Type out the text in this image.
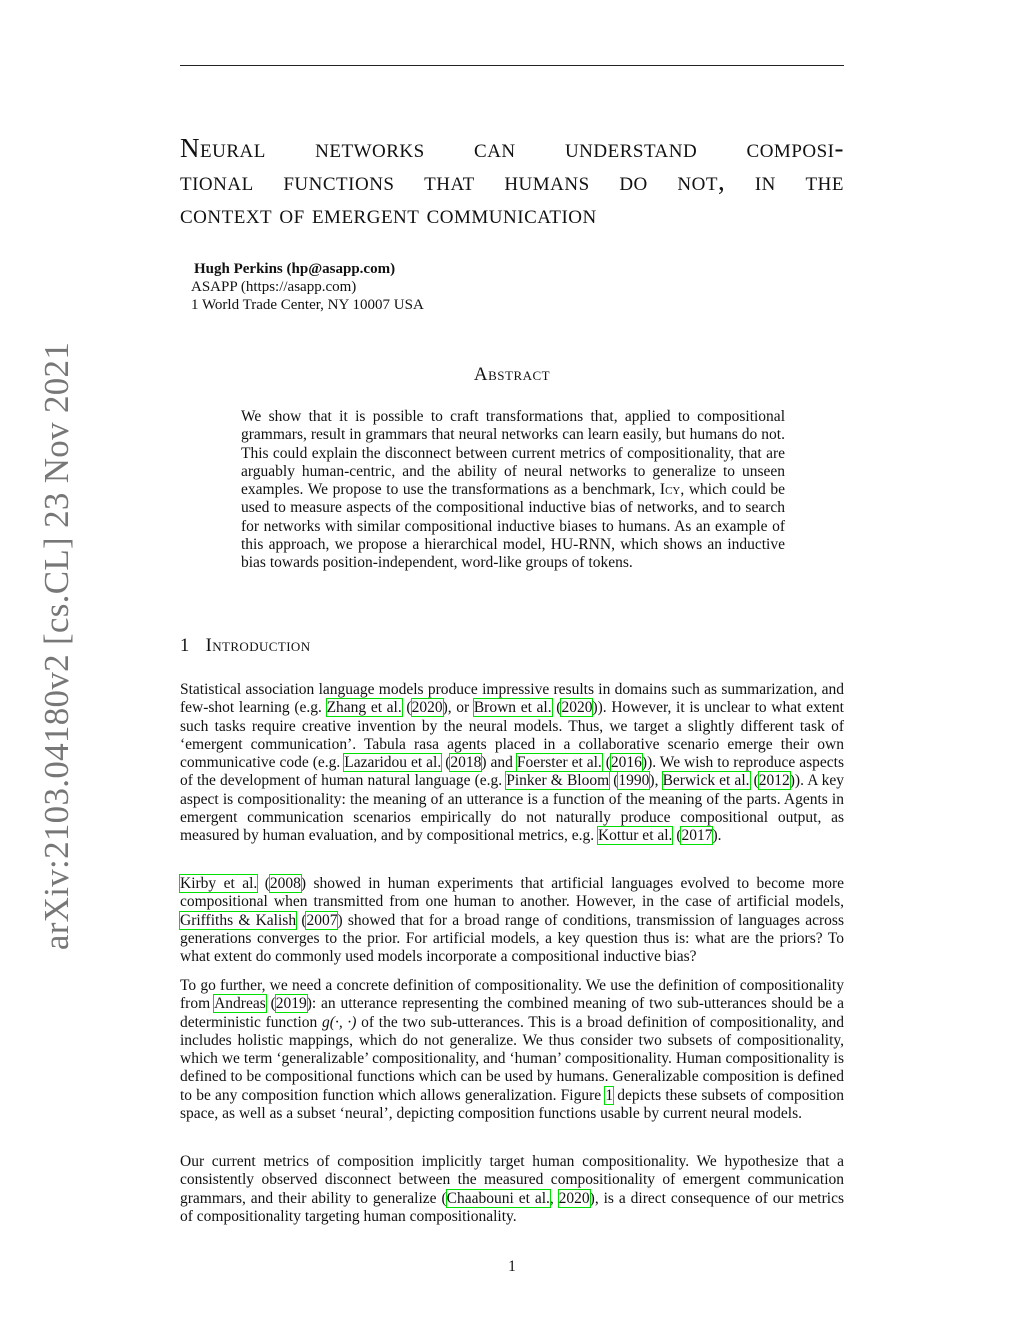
arXiv:2103.04180v2 [cs.CL] 23 Nov 2021
Neural networks can understand composi-
tional functions that humans do not, in the
context of emergent communication
Hugh Perkins (hp@asapp.com)
ASAPP (https://asapp.com)
1 World Trade Center, NY 10007 USA
Abstract

We show that it is possible to craft transformations that, applied to compositional grammars, result in grammars that neural networks can learn easily, but humans do not. This could explain the disconnect between current metrics of compositionality, that are arguably human-centric, and the ability of neural networks to generalize to unseen examples. We propose to use the transformations as a benchmark, Icy, which could be used to measure aspects of the compositional inductive bias of networks, and to search for networks with similar compositional inductive biases to humans. As an example of this approach, we propose a hierarchical model, HU-RNN, which shows an inductive bias towards position-independent, word-like groups of tokens.

1 Introduction

Statistical association language models produce impressive results in domains such as summarization, and few-shot learning (e.g. Zhang et al. (2020), or Brown et al. (2020)). However, it is unclear to what extent such tasks require creative invention by the neural models. Thus, we target a slightly different task of ‘emergent communication’. Tabula rasa agents placed in a collaborative scenario emerge their own communicative code (e.g. Lazaridou et al. (2018) and Foerster et al. (2016)). We wish to reproduce aspects of the development of human natural language (e.g. Pinker & Bloom (1990), Berwick et al. (2012)). A key aspect is compositionality: the meaning of an utterance is a function of the meaning of the parts. Agents in emergent communication scenarios empirically do not naturally produce compositional output, as measured by human evaluation, and by compositional metrics, e.g. Kottur et al. (2017).

Kirby et al. (2008) showed in human experiments that artificial languages evolved to become more compositional when transmitted from one human to another. However, in the case of artificial models, Griffiths & Kalish (2007) showed that for a broad range of conditions, transmission of languages across generations converges to the prior. For artificial models, a key question thus is: what are the priors? To what extent do commonly used models incorporate a compositional inductive bias?

To go further, we need a concrete definition of compositionality. We use the definition of compositionality from Andreas (2019): an utterance representing the combined meaning of two sub-utterances should be a deterministic function g(·, ·) of the two sub-utterances. This is a broad definition of compositionality, and includes holistic mappings, which do not generalize. We thus consider two subsets of compositionality, which we term ‘generalizable’ compositionality, and ‘human’ compositionality. Human compositionality is defined to be compositional functions which can be used by humans. Generalizable composition is defined to be any composition function which allows generalization. Figure 1 depicts these subsets of composition space, as well as a subset ‘neural’, depicting composition functions usable by current neural models.

Our current metrics of composition implicitly target human compositionality. We hypothesize that a consistently observed disconnect between the measured compositionality of emergent communication grammars, and their ability to generalize (Chaabouni et al., 2020), is a direct consequence of our metrics of compositionality targeting human compositionality.

1
